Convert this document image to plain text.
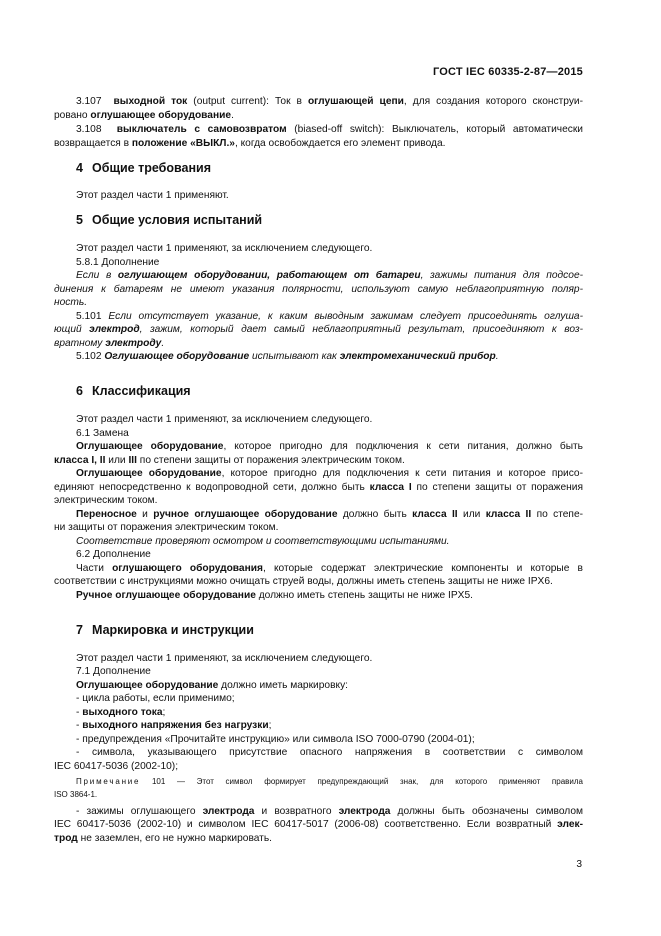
ГОСТ IEC 60335-2-87—2015
3.107 выходной ток (output current): Ток в оглушающей цепи, для создания которого сконструи-
ровано оглушающее оборудование.
3.108 выключатель с самовозвратом (biased-off switch): Выключатель, который автоматически
возвращается в положение «ВЫКЛ.», когда освобождается его элемент привода.
4 Общие требования
Этот раздел части 1 применяют.
5 Общие условия испытаний
Этот раздел части 1 применяют, за исключением следующего.
5.8.1 Дополнение
Если в оглушающем оборудовании, работающем от батареи, зажимы питания для подсое-
динения к батареям не имеют указания полярности, используют самую неблагоприятную поляр-
ность.
5.101 Если отсутствует указание, к каким выводным зажимам следует присоединять оглуша-
ющий электрод, зажим, который дает самый неблагоприятный результат, присоединяют к воз-
вратному электроду.
5.102 Оглушающее оборудование испытывают как электромеханический прибор.
6 Классификация
Этот раздел части 1 применяют, за исключением следующего.
6.1 Замена
Оглушающее оборудование, которое пригодно для подключения к сети питания, должно быть
класса I, II или III по степени защиты от поражения электрическим током.
Оглушающее оборудование, которое пригодно для подключения к сети питания и которое присо-
единяют непосредственно к водопроводной сети, должно быть класса I по степени защиты от поражения
электрическим током.
Переносное и ручное оглушающее оборудование должно быть класса II или класса II по степе-
ни защиты от поражения электрическим током.
Соответствие проверяют осмотром и соответствующими испытаниями.
6.2 Дополнение
Части оглушающего оборудования, которые содержат электрические компоненты и которые в
соответствии с инструкциями можно очищать струей воды, должны иметь степень защиты не ниже IPX6.
Ручное оглушающее оборудование должно иметь степень защиты не ниже IPX5.
7 Маркировка и инструкции
Этот раздел части 1 применяют, за исключением следующего.
7.1 Дополнение
Оглушающее оборудование должно иметь маркировку:
- цикла работы, если применимо;
- выходного тока;
- выходного напряжения без нагрузки;
- предупреждения «Прочитайте инструкцию» или символа ISO 7000-0790 (2004-01);
- символа, указывающего присутствие опасного напряжения в соответствии с символом
IEC 60417-5036 (2002-10);
Примечание 101 — Этот символ формирует предупреждающий знак, для которого применяют правила
ISO 3864-1.
- зажимы оглушающего электрода и возвратного электрода должны быть обозначены символом
IEC 60417-5036 (2002-10) и символом IEC 60417-5017 (2006-08) соответственно. Если возвратный элек-
трод не заземлен, его не нужно маркировать.
3
